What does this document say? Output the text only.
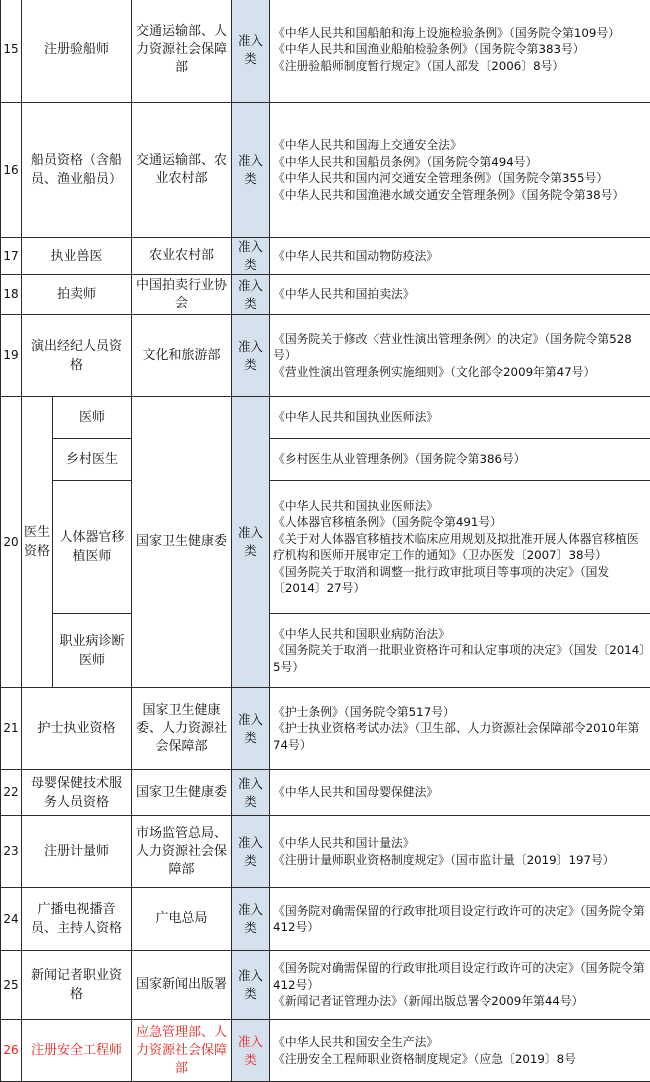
15	注册验船师		交通运输部、人力资源社会保障部	准入类	《中华人民共和国船舶和海上设施检验条例》（国务院令第109号）
《中华人民共和国渔业船舶检验条例》（国务院令第383号）
《注册验船师制度暂行规定》（国人部发〔2006〕8号）

16	船员资格（含船员、渔业船员）		交通运输部、农业农村部	准入类	《中华人民共和国海上交通安全法》
《中华人民共和国船员条例》（国务院令第494号）
《中华人民共和国内河交通安全管理条例》（国务院令第355号）
《中华人民共和国渔港水域交通安全管理条例》（国务院令第38号）

17	执业兽医		农业农村部	准入类	《中华人民共和国动物防疫法》

18	拍卖师		中国拍卖行业协会	准入类	《中华人民共和国拍卖法》

19	演出经纪人员资格		文化和旅游部	准入类	《国务院关于修改〈营业性演出管理条例〉的决定》（国务院令第528号）
《营业性演出管理条例实施细则》（文化部令2009年第47号）

20	医生资格	医师	国家卫生健康委	准入类	《中华人民共和国执业医师法》

		乡村医生			《乡村医生从业管理条例》（国务院令第386号）

		人体器官移植医师			《中华人民共和国执业医师法》
《人体器官移植条例》（国务院令第491号）
《关于对人体器官移植技术临床应用规划及拟批准开展人体器官移植医疗机构和医师开展审定工作的通知》（卫办医发〔2007〕38号）
《国务院关于取消和调整一批行政审批项目等事项的决定》（国发〔2014〕27号）

		职业病诊断医师			《中华人民共和国职业病防治法》
《国务院关于取消一批职业资格许可和认定事项的决定》（国发〔2014〕5号）

21	护士执业资格		国家卫生健康委、人力资源社会保障部	准入类	《护士条例》（国务院令第517号）
《护士执业资格考试办法》（卫生部、人力资源社会保障部令2010年第74号）

22	母婴保健技术服务人员资格		国家卫生健康委	准入类	《中华人民共和国母婴保健法》

23	注册计量师		市场监管总局、人力资源社会保障部	准入类	《中华人民共和国计量法》
《注册计量师职业资格制度规定》（国市监计量〔2019〕197号）

24	广播电视播音员、主持人资格		广电总局	准入类	《国务院对确需保留的行政审批项目设定行政许可的决定》（国务院令第412号）

25	新闻记者职业资格		国家新闻出版署	准入类	《国务院对确需保留的行政审批项目设定行政许可的决定》（国务院令第412号）
《新闻记者证管理办法》（新闻出版总署令2009年第44号）

26	注册安全工程师		应急管理部、人力资源社会保障部	准入类	《中华人民共和国安全生产法》
《注册安全工程师职业资格制度规定》（应急〔2019〕8号
